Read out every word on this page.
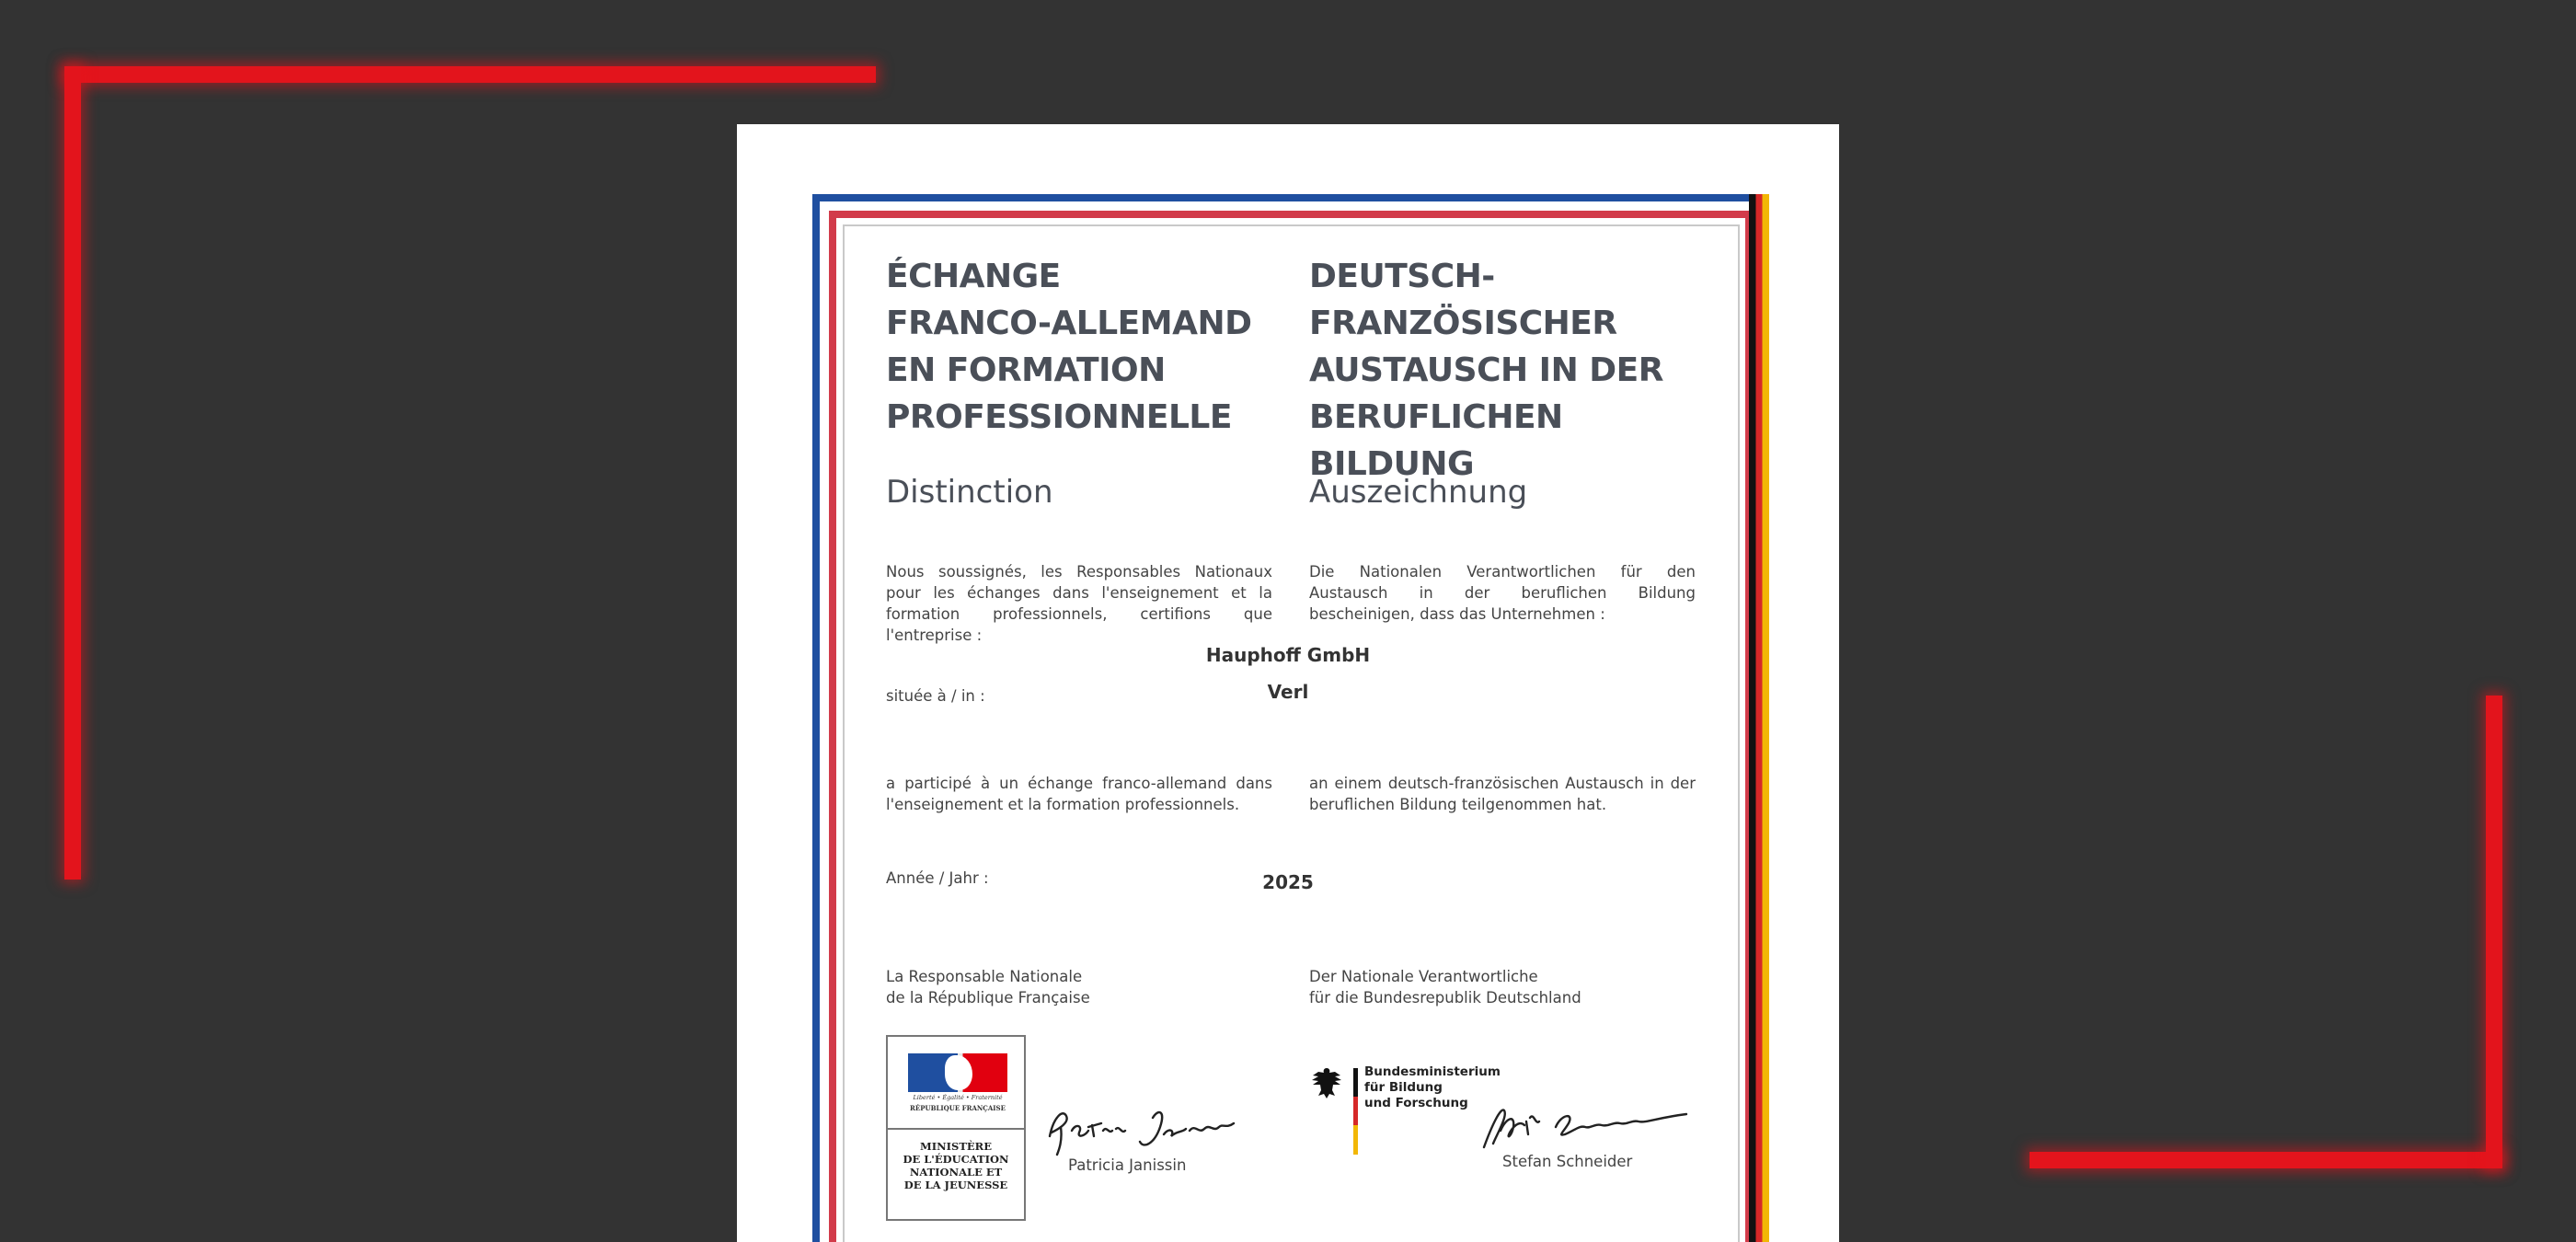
ÉCHANGE
FRANCO-ALLEMAND
EN FORMATION
PROFESSIONNELLE
DEUTSCH-
FRANZÖSISCHER
AUSTAUSCH IN DER
BERUFLICHEN BILDUNG
Distinction	Auszeichnung
Nous soussignés, les Responsables Nationaux pour les échanges dans l'enseignement et la formation professionnels, certifions que l'entreprise :
Die Nationalen Verantwortlichen für den Austausch in der beruflichen Bildung bescheinigen, dass das Unternehmen :
Hauphoff GmbH
située à / in :	Verl
a participé à un échange franco-allemand dans l'enseignement et la formation professionnels.
an einem deutsch-französischen Austausch in der beruflichen Bildung teilgenommen hat.
Année / Jahr :	2025
La Responsable Nationale
de la République Française
Der Nationale Verantwortliche
für die Bundesrepublik Deutschland
Liberté • Égalité • Fraternité
RÉPUBLIQUE FRANÇAISE
MINISTÈRE
DE L'ÉDUCATION
NATIONALE ET
DE LA JEUNESSE
Patricia Janissin
Bundesministerium
für Bildung
und Forschung
Stefan Schneider
